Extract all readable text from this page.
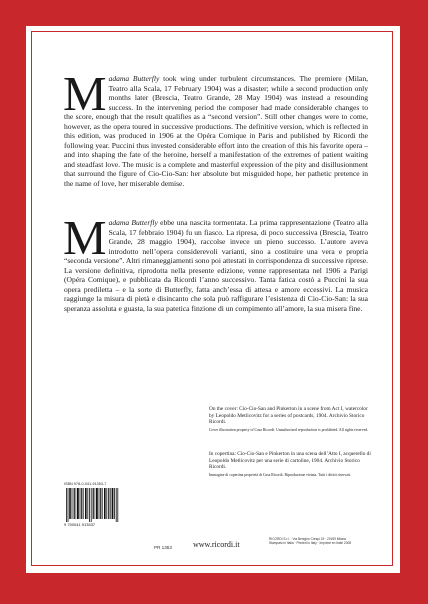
Madama Butterfly took wing under turbulent circumstances. The premiere (Milan, Teatro alla Scala, 17 February 1904) was a disaster; while a second production only months later (Brescia, Teatro Grande, 28 May 1904) was instead a resounding success. In the intervening period the composer had made considerable changes to the score, enough that the result qualifies as a “second version”. Still other changes were to come, however, as the opera toured in successive productions. The definitive version, which is reflected in this edition, was produced in 1906 at the Opéra Comique in Paris and published by Ricordi the following year. Puccini thus invested considerable effort into the creation of this his favorite opera – and into shaping the fate of the heroine, herself a manifestation of the extremes of patient waiting and steadfast love. The music is a complete and masterful expression of the pity and disillusionment that surround the figure of Cio-Cio-San: her absolute but misguided hope, her pathetic pretence in the name of love, her miserable demise.

Madama Butterfly ebbe una nascita tormentata. La prima rappresentazione (Teatro alla Scala, 17 febbraio 1904) fu un fiasco. La ripresa, di poco successiva (Brescia, Teatro Grande, 28 maggio 1904), raccolse invece un pieno successo. L’autore aveva introdotto nell’opera considerevoli varianti, sino a costituire una vera e propria “seconda versione”. Altri rimaneggiamenti sono poi attestati in corrispondenza di successive riprese. La versione definitiva, riprodotta nella presente edizione, venne rappresentata nel 1906 a Parigi (Opéra Comique), e pubblicata da Ricordi l’anno successivo. Tanta fatica costò a Puccini la sua opera prediletta – e la sorte di Butterfly, fatta anch’essa di attesa e amore eccessivi. La musica raggiunge la misura di pietà e disincanto che sola può raffigurare l’esistenza di Cio-Cio-San: la sua speranza assoluta e guasta, la sua patetica finzione di un compimento all’amore, la sua misera fine.

On the cover: Cio-Cio-San and Pinkerton in a scene from Act I, watercolor by Leopoldo Metlicovitz for a series of postcards, 1904. Archivio Storico Ricordi.
Cover illustration property of Casa Ricordi. Unauthorized reproduction is prohibited. All rights reserved.
In copertina: Cio-Cio-San e Pinkerton in una scena dell’Atto I, acquerello di Leopoldo Metlicovitz per una serie di cartoline, 1904. Archivio Storico Ricordi.
Immagine di copertina proprietà di Casa Ricordi. Riproduzione vietata. Tutti i diritti riservati.
ISBN 978-0-041-91353-7
9 790041 913537
PR 1353	www.ricordi.it
RICORDI S.r.l. · Via Benigno Crespi 19 · 20159 Milano
Stampato in Italia · Printed in Italy · Imprimé en Italie 2008
